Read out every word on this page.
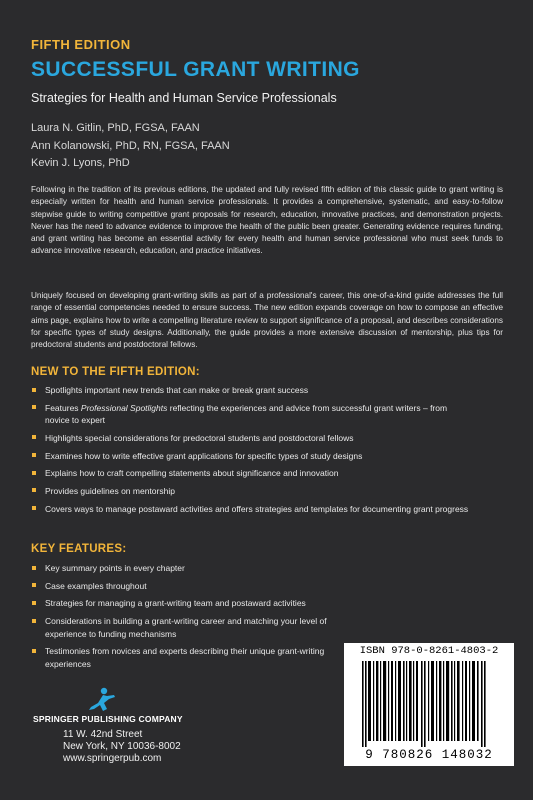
FIFTH EDITION
SUCCESSFUL GRANT WRITING
Strategies for Health and Human Service Professionals
Laura N. Gitlin, PhD, FGSA, FAAN
Ann Kolanowski, PhD, RN, FGSA, FAAN
Kevin J. Lyons, PhD

Following in the tradition of its previous editions, the updated and fully revised fifth edition of this classic guide to grant writing is especially written for health and human service professionals. It provides a comprehensive, systematic, and easy-to-follow stepwise guide to writing competitive grant proposals for research, education, innovative practices, and demonstration projects. Never has the need to advance evidence to improve the health of the public been greater. Generating evidence requires funding, and grant writing has become an essential activity for every health and human service professional who must seek funds to advance innovative research, education, and practice initiatives.

Uniquely focused on developing grant-writing skills as part of a professional's career, this one-of-a-kind guide addresses the full range of essential competencies needed to ensure success. The new edition expands coverage on how to compose an effective aims page, explains how to write a compelling literature review to support significance of a proposal, and describes considerations for specific types of study designs. Additionally, the guide provides a more extensive discussion of mentorship, plus tips for predoctoral students and postdoctoral fellows.

NEW TO THE FIFTH EDITION:
Spotlights important new trends that can make or break grant success
Features Professional Spotlights reflecting the experiences and advice from successful grant writers – from novice to expert
Highlights special considerations for predoctoral students and postdoctoral fellows
Examines how to write effective grant applications for specific types of study designs
Explains how to craft compelling statements about significance and innovation
Provides guidelines on mentorship
Covers ways to manage postaward activities and offers strategies and templates for documenting grant progress
KEY FEATURES:
Key summary points in every chapter
Case examples throughout
Strategies for managing a grant-writing team and postaward activities
Considerations in building a grant-writing career and matching your level of experience to funding mechanisms
Testimonies from novices and experts describing their unique grant-writing experiences
SPRINGER PUBLISHING COMPANY
11 W. 42nd Street
New York, NY 10036-8002
www.springerpub.com
ISBN 978-0-8261-4803-2
9 780826 148032
